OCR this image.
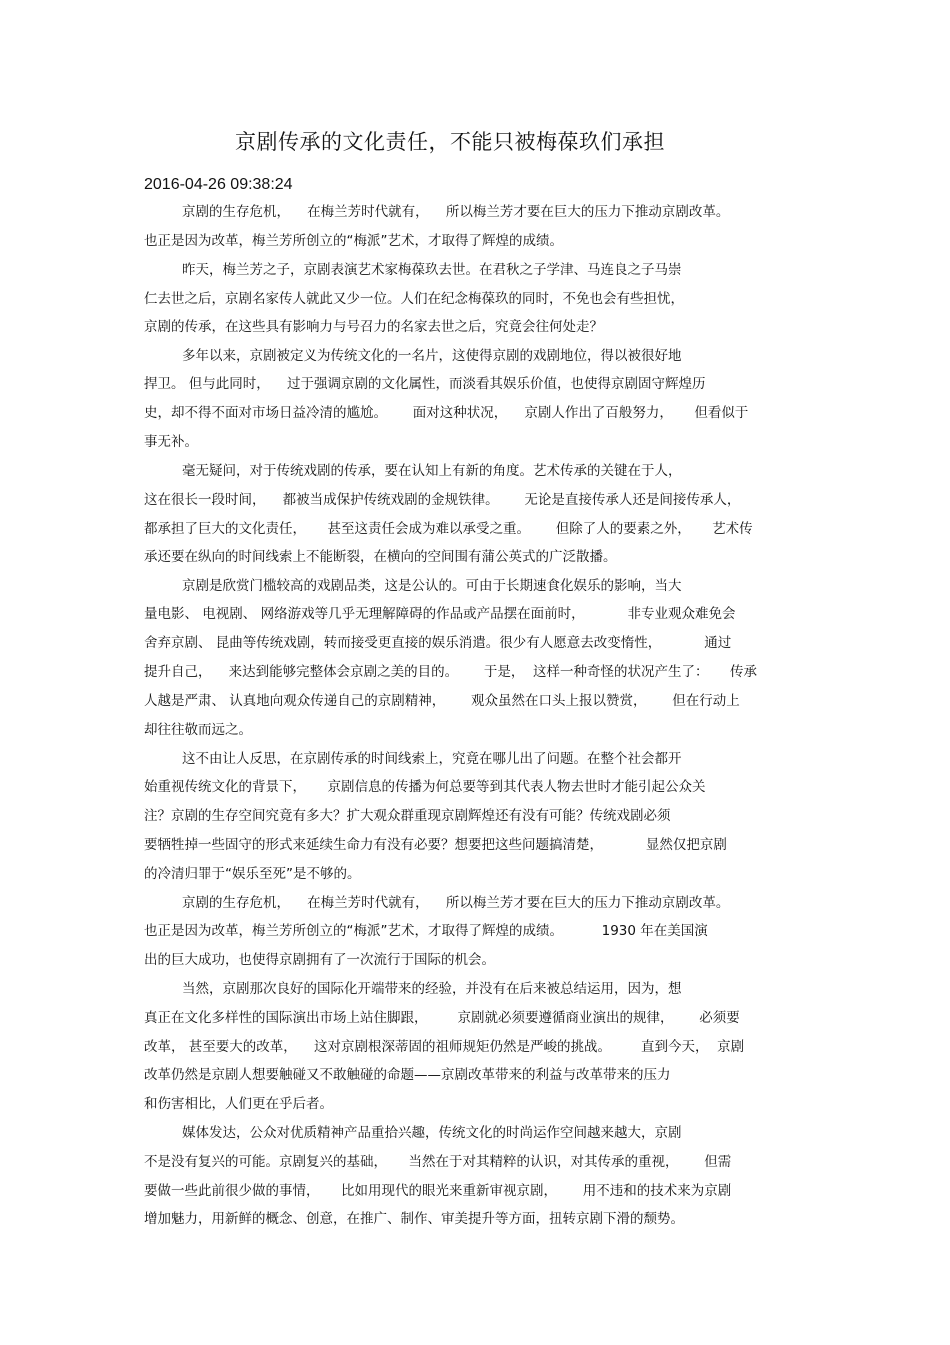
京剧传承的文化责任，不能只被梅葆玖们承担
2016-04-26 09:38:24
京剧的生存危机，    在梅兰芳时代就有，    所以梅兰芳才要在巨大的压力下推动京剧改革。
也正是因为改革，梅兰芳所创立的“梅派”艺术，才取得了辉煌的成绩。
昨天，梅兰芳之子，京剧表演艺术家梅葆玖去世。在君秋之子学津、马连良之子马崇
仁去世之后，京剧名家传人就此又少一位。人们在纪念梅葆玖的同时，不免也会有些担忧，
京剧的传承，在这些具有影响力与号召力的名家去世之后，究竟会往何处走？
多年以来，京剧被定义为传统文化的一名片，这使得京剧的戏剧地位，得以被很好地
捍卫。 但与此同时，    过于强调京剧的文化属性，而淡看其娱乐价值，也使得京剧固守辉煌历
史，却不得不面对市场日益冷清的尴尬。      面对这种状况，    京剧人作出了百般努力，     但看似于
事无补。
毫无疑问，对于传统戏剧的传承，要在认知上有新的角度。艺术传承的关键在于人，
这在很长一段时间，    都被当成保护传统戏剧的金规铁律。      无论是直接传承人还是间接传承人，
都承担了巨大的文化责任，     甚至这责任会成为难以承受之重。      但除了人的要素之外，     艺术传
承还要在纵向的时间线索上不能断裂，在横向的空间围有蒲公英式的广泛散播。
京剧是欣赏门槛较高的戏剧品类，这是公认的。可由于长期速食化娱乐的影响，当大
量电影、 电视剧、 网络游戏等几乎无理解障碍的作品或产品摆在面前时，          非专业观众难免会
舍弃京剧、 昆曲等传统戏剧，转而接受更直接的娱乐消遣。很少有人愿意去改变惰性，          通过
提升自己，    来达到能够完整体会京剧之美的目的。      于是，  这样一种奇怪的状况产生了：     传承
人越是严肃、 认真地向观众传递自己的京剧精神，      观众虽然在口头上报以赞赏，      但在行动上
却往往敬而远之。
这不由让人反思，在京剧传承的时间线索上，究竟在哪儿出了问题。在整个社会都开
始重视传统文化的背景下，     京剧信息的传播为何总要等到其代表人物去世时才能引起公众关
注？京剧的生存空间究竟有多大？扩大观众群重现京剧辉煌还有没有可能？传统戏剧必须
要牺牲掉一些固守的形式来延续生命力有没有必要？想要把这些问题搞清楚，          显然仅把京剧
的冷清归罪于“娱乐至死”是不够的。
京剧的生存危机，    在梅兰芳时代就有，    所以梅兰芳才要在巨大的压力下推动京剧改革。
也正是因为改革，梅兰芳所创立的“梅派”艺术，才取得了辉煌的成绩。         1930 年在美国演
出的巨大成功，也使得京剧拥有了一次流行于国际的机会。
当然，京剧那次良好的国际化开端带来的经验，并没有在后来被总结运用，因为，想
真正在文化多样性的国际演出市场上站住脚跟，       京剧就必须要遵循商业演出的规律，      必须要
改革， 甚至要大的改革，    这对京剧根深蒂固的祖师规矩仍然是严峻的挑战。       直到今天，  京剧
改革仍然是京剧人想要触碰又不敢触碰的命题——京剧改革带来的利益与改革带来的压力
和伤害相比，人们更在乎后者。
媒体发达，公众对优质精神产品重拾兴趣，传统文化的时尚运作空间越来越大，京剧
不是没有复兴的可能。京剧复兴的基础，     当然在于对其精粹的认识，对其传承的重视，      但需
要做一些此前很少做的事情，     比如用现代的眼光来重新审视京剧，      用不违和的技术来为京剧
增加魅力，用新鲜的概念、创意，在推广、制作、审美提升等方面，扭转京剧下滑的颓势。
